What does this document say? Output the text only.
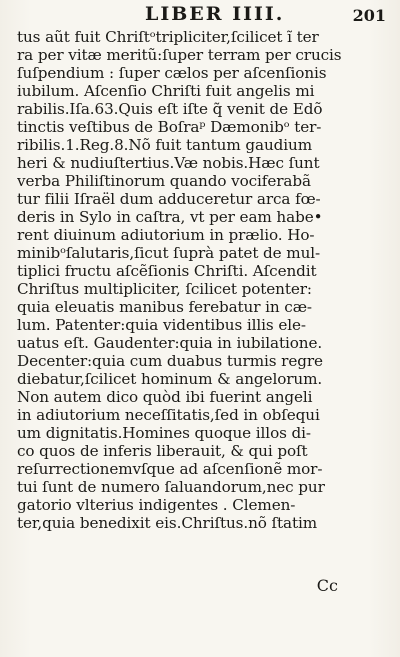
LIBER IIII.	201
tus aũt fuit Chriſtᵒtripliciter,ſcilicet ĩ ter
ra per vitæ meritũ:ſuper terram per crucis
ſuſpendium : ſuper cælos per aſcenſionis
iubilum. Aſcenſio Chriſti fuit angelis mi
rabilis.Iſa.63.Quis eſt iſte q̃ venit de Edõ
tinctis veſtibus de Boſraᵖ Dæmonibᵒ ter-
ribilis.1.Reg.8.Nõ fuit tantum gaudium
heri & nudiuſtertius.Væ nobis.Hæc ſunt
verba Philiſtinorum quando vociferabã
tur filii Iſraël dum adduceretur arca fœ-
deris in Sylo in caſtra, vt per eam habe•
rent diuinum adiutorium in prælio. Ho-
minibᵒſalutaris,ſicut ſuprà patet de mul-
tiplici fructu aſcẽſionis Chriſti. Aſcendit
Chriſtus multipliciter, ſcilicet potenter:
quia eleuatis manibus ferebatur in cæ-
lum. Patenter:quia videntibus illis ele-
uatus eſt. Gaudenter:quia in iubilatione.
Decenter:quia cum duabus turmis regre
diebatur,ſcilicet hominum & angelorum.
Non autem dico quòd ibi fuerint angeli
in adiutorium neceſſitatis,ſed in obſequi
um dignitatis.Homines quoque illos di-
co quos de inferis liberauit, & qui poſt
reſurrectionemvſque ad aſcenſionẽ mor-
tui ſunt de numero ſaluandorum,nec pur
gatorio vlterius indigentes . Clemen-
ter,quia benedixit eis.Chriſtus.nõ ſtatim
Cc
